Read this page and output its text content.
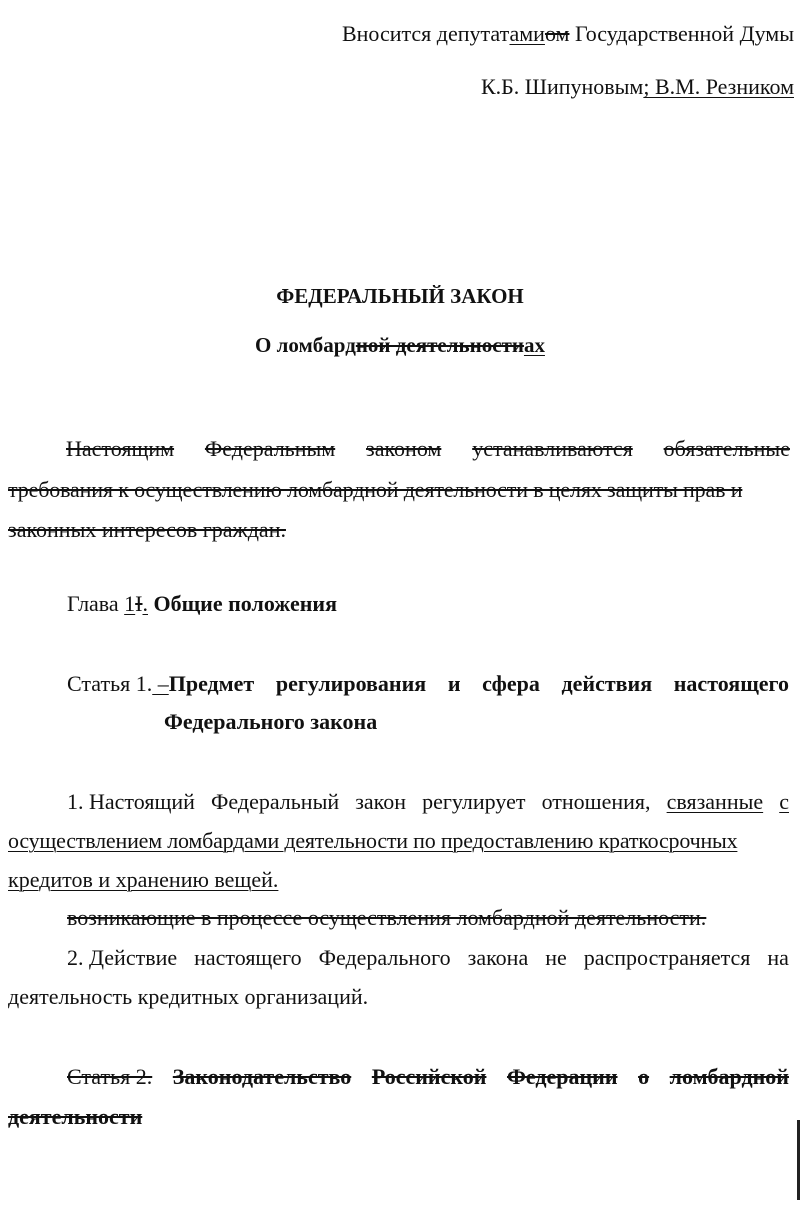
Вносится депутатамиом Государственной Думы
К.Б. Шипуновым; В.М. Резником
ФЕДЕРАЛЬНЫЙ ЗАКОН
О ломбардной деятельностиах
Настоящим Федеральным законом устанавливаются обязательные
требования к осуществлению ломбардной деятельности в целях защиты прав и
законных интересов граждан.
Глава 1I. Общие положения
Статья 1. –Предмет регулирования и сфера действия настоящего
Федерального закона
1. Настоящий Федеральный закон регулирует отношения, связанные с
осуществлением ломбардами деятельности по предоставлению краткосрочных
кредитов и хранению вещей.
возникающие в процессе осуществления ломбардной деятельности.
2. Действие настоящего Федерального закона не распространяется на
деятельность кредитных организаций.
Статья 2. Законодательство Российской Федерации о ломбардной
деятельности
